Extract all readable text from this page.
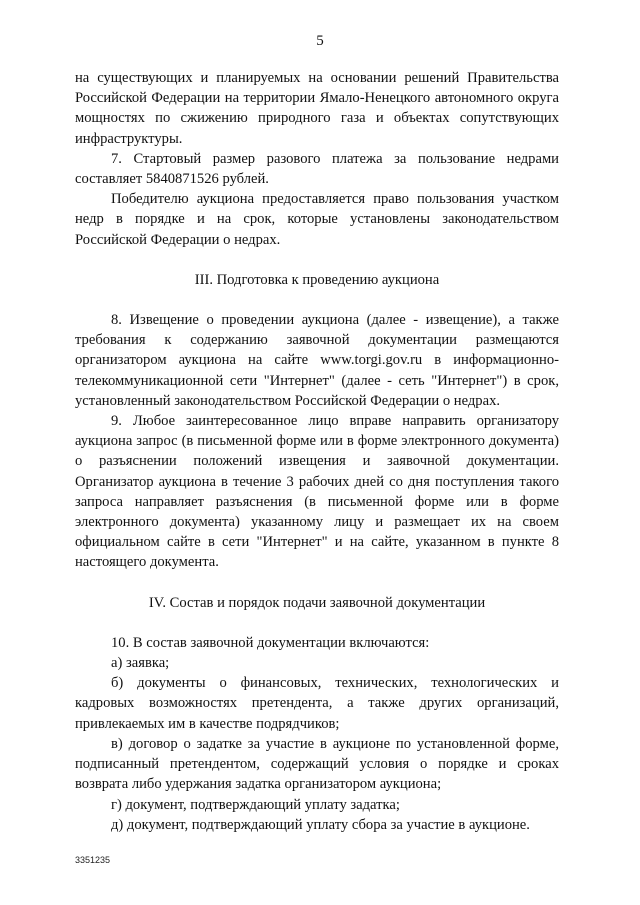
5

на существующих и планируемых на основании решений Правительства Российской Федерации на территории Ямало-Ненецкого автономного округа мощностях по сжижению природного газа и объектах сопутствующих инфраструктуры.

7. Стартовый размер разового платежа за пользование недрами составляет 5840871526 рублей.

Победителю аукциона предоставляется право пользования участком недр в порядке и на срок, которые установлены законодательством Российской Федерации о недрах.

III. Подготовка к проведению аукциона

8. Извещение о проведении аукциона (далее - извещение), а также требования к содержанию заявочной документации размещаются организатором аукциона на сайте www.torgi.gov.ru в информационно-телекоммуникационной сети "Интернет" (далее - сеть "Интернет") в срок, установленный законодательством Российской Федерации о недрах.

9. Любое заинтересованное лицо вправе направить организатору аукциона запрос (в письменной форме или в форме электронного документа) о разъяснении положений извещения и заявочной документации. Организатор аукциона в течение 3 рабочих дней со дня поступления такого запроса направляет разъяснения (в письменной форме или в форме электронного документа) указанному лицу и размещает их на своем официальном сайте в сети "Интернет" и на сайте, указанном в пункте 8 настоящего документа.

IV. Состав и порядок подачи заявочной документации

10. В состав заявочной документации включаются:

а) заявка;

б) документы о финансовых, технических, технологических и кадровых возможностях претендента, а также других организаций, привлекаемых им в качестве подрядчиков;

в) договор о задатке за участие в аукционе по установленной форме, подписанный претендентом, содержащий условия о порядке и сроках возврата либо удержания задатка организатором аукциона;

г) документ, подтверждающий уплату задатка;

д) документ, подтверждающий уплату сбора за участие в аукционе.

3351235
